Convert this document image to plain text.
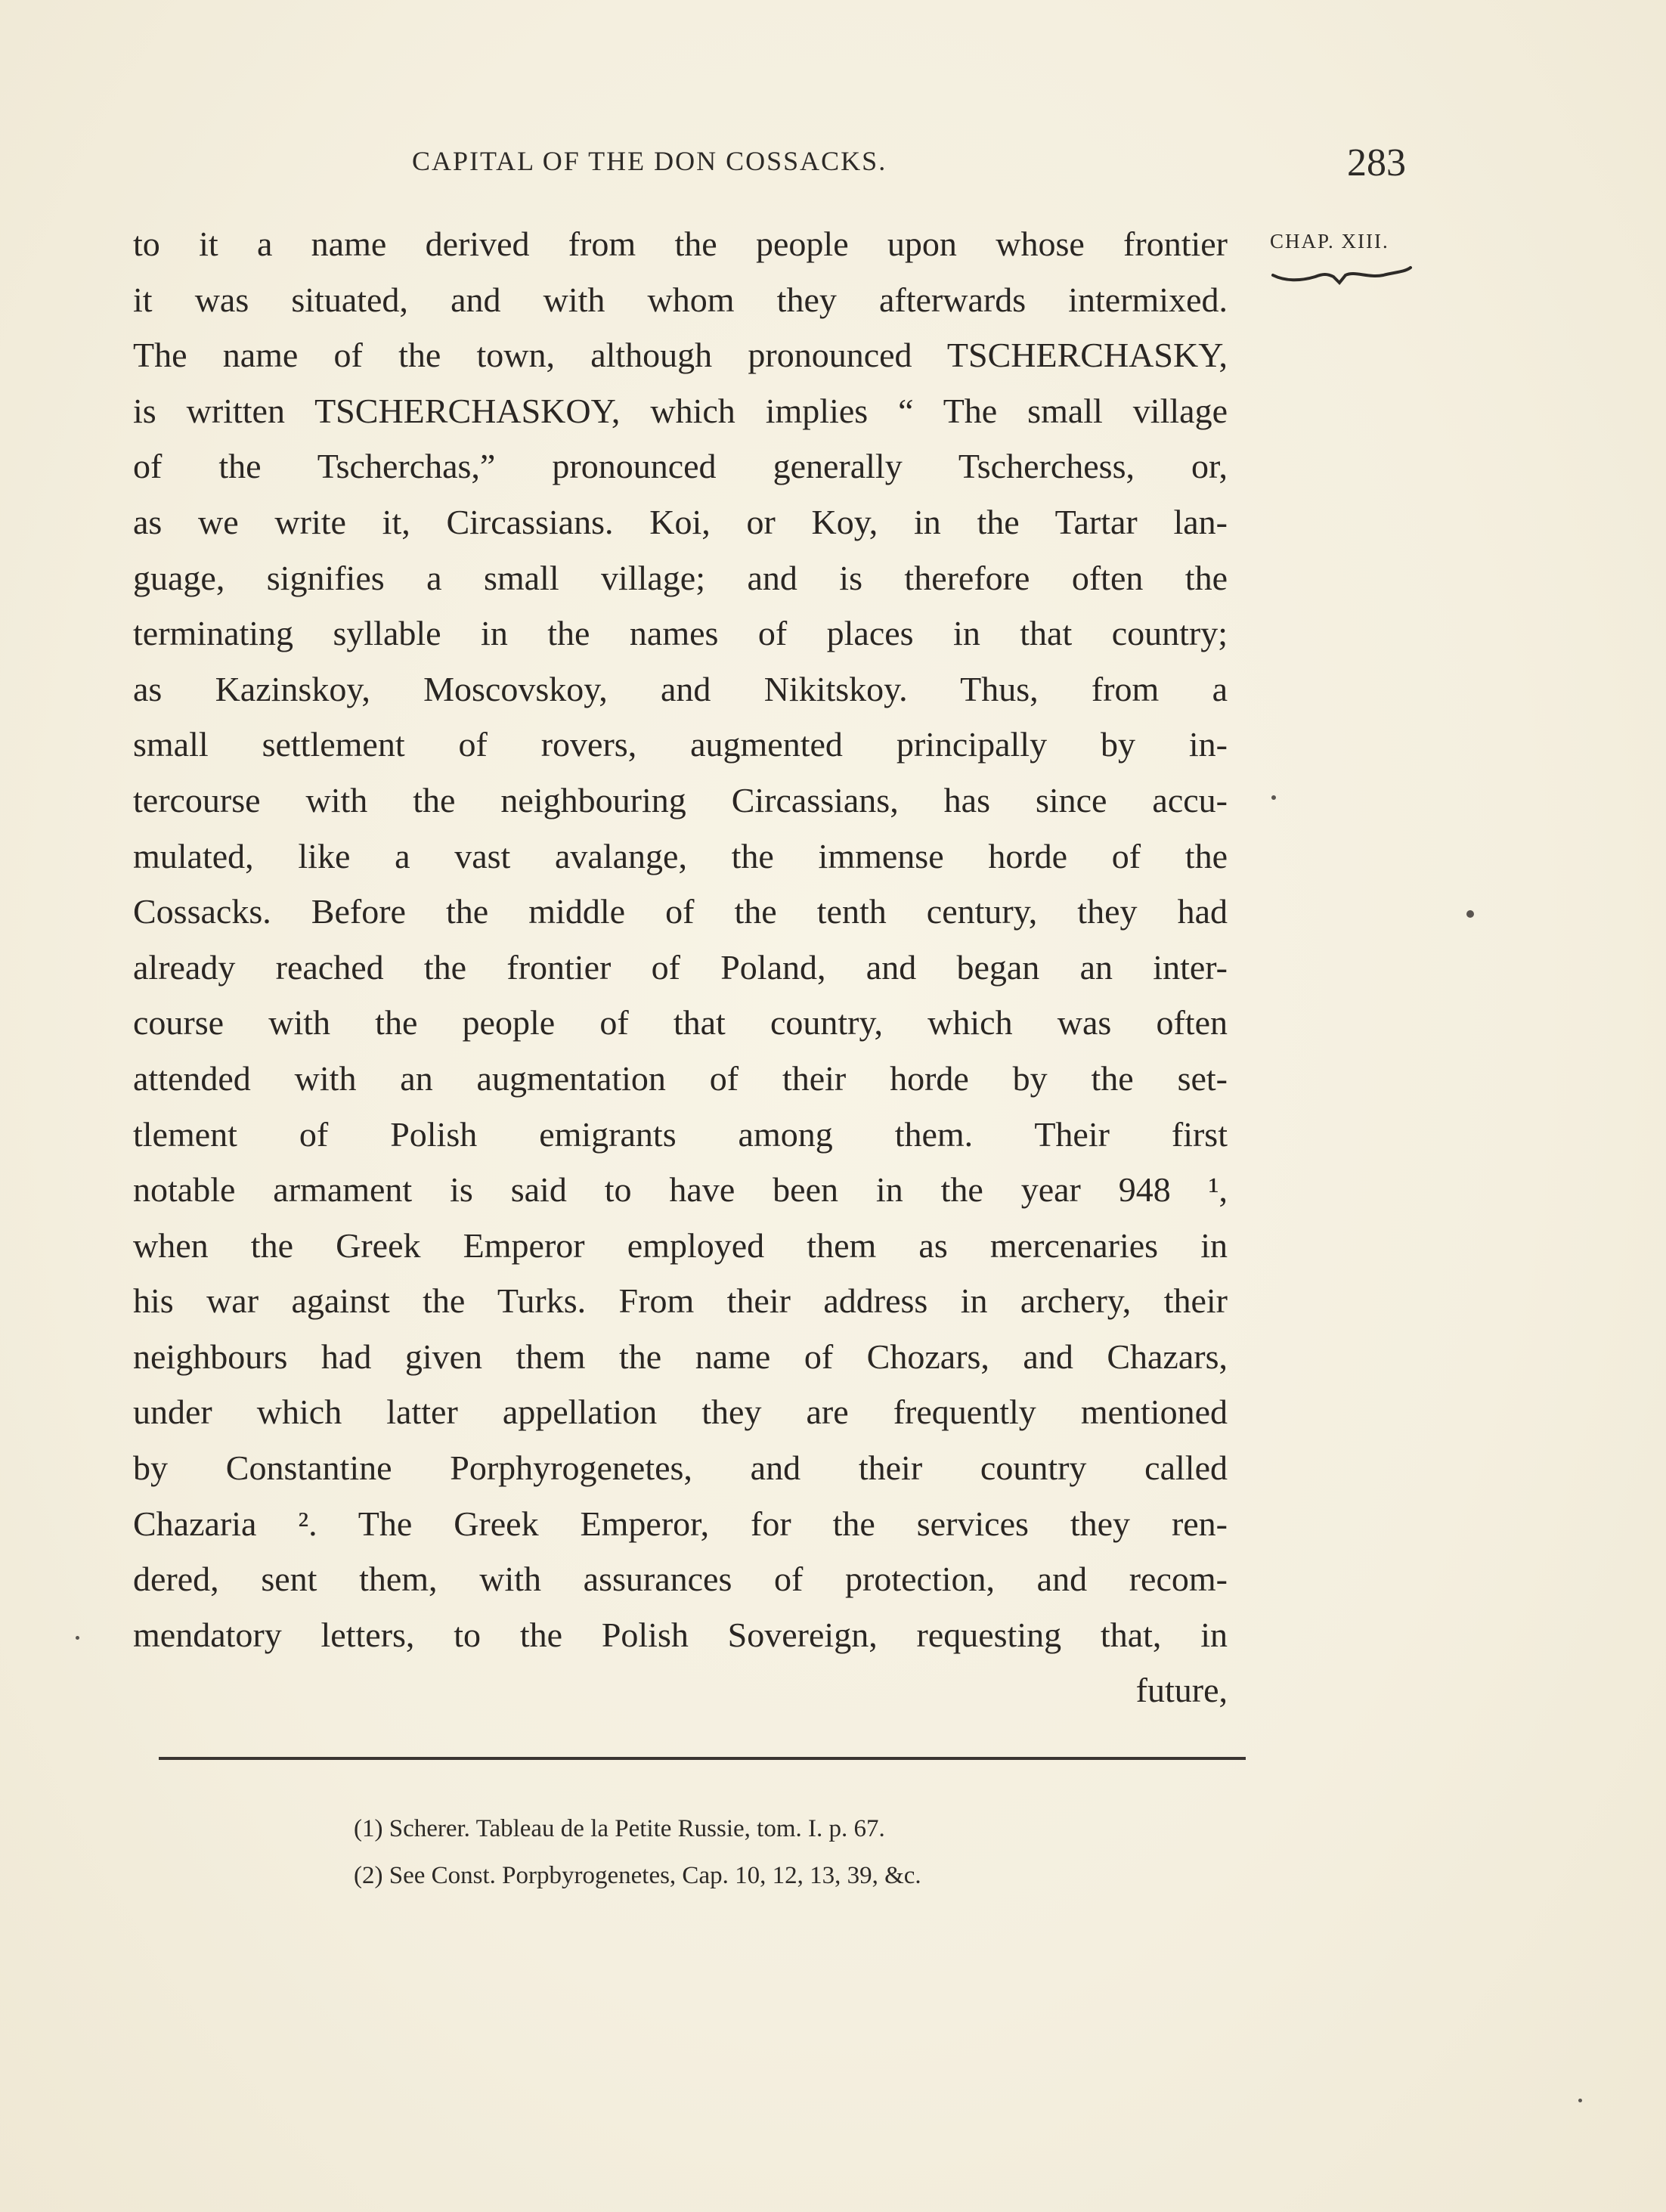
CAPITAL OF THE DON COSSACKS.	283
CHAP. XIII.
to it a name derived from the people upon whose frontier
it was situated, and with whom they afterwards intermixed.
The name of the town, although pronounced TSCHERCHASKY,
is written TSCHERCHASKOY, which implies “ The small village
of the Tscherchas,” pronounced generally Tscherchess, or,
as we write it, Circassians. Koi, or Koy, in the Tartar lan-
guage, signifies a small village; and is therefore often the
terminating syllable in the names of places in that country;
as Kazinskoy, Moscovskoy, and Nikitskoy. Thus, from a
small settlement of rovers, augmented principally by in-
tercourse with the neighbouring Circassians, has since accu-
mulated, like a vast avalange, the immense horde of the
Cossacks. Before the middle of the tenth century, they had
already reached the frontier of Poland, and began an inter-
course with the people of that country, which was often
attended with an augmentation of their horde by the set-
tlement of Polish emigrants among them. Their first
notable armament is said to have been in the year 948 ¹,
when the Greek Emperor employed them as mercenaries in
his war against the Turks. From their address in archery, their
neighbours had given them the name of Chozars, and Chazars,
under which latter appellation they are frequently mentioned
by Constantine Porphyrogenetes, and their country called
Chazaria ². The Greek Emperor, for the services they ren-
dered, sent them, with assurances of protection, and recom-
mendatory letters, to the Polish Sovereign, requesting that, in
future,
(1) Scherer. Tableau de la Petite Russie, tom. I. p. 67.
(2) See Const. Porpbyrogenetes, Cap. 10, 12, 13, 39, &c.
